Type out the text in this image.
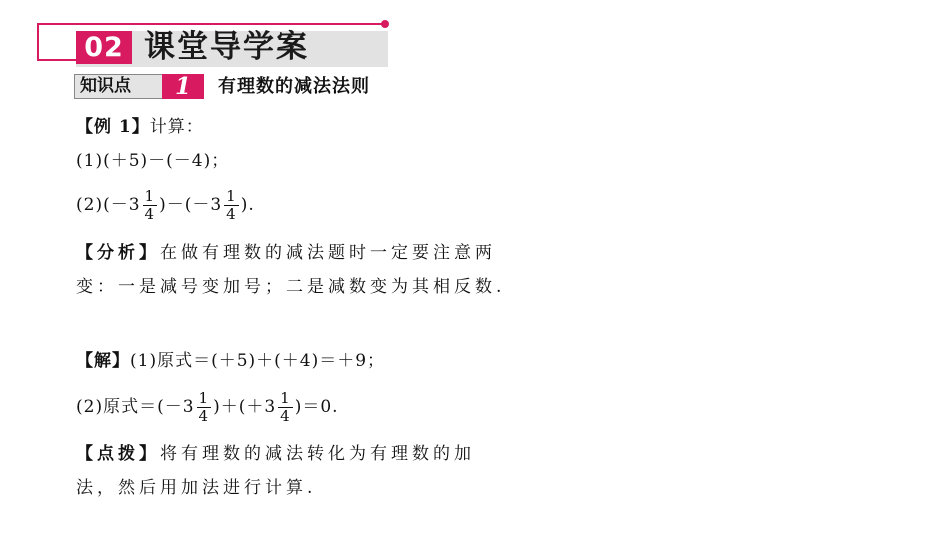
02 课堂导学案
知识点	1	有理数的减法法则
【例 1】计算：
(1)(＋5)－(－4)；
$(2)(-3 \frac{1}{4} )-(-3 \frac{1}{4}$ ).
【分析】在做有理数的减法题时一定要注意两变：一是减号变加号；二是减数变为其相反数.
【解】(1)原式＝(＋5)＋(＋4)＝＋9；
(2)原式$=(-3 \frac{1}{4} )+(+3 \frac{1}{4} )=0$.
【点拨】将有理数的减法转化为有理数的加法，然后用加法进行计算.
